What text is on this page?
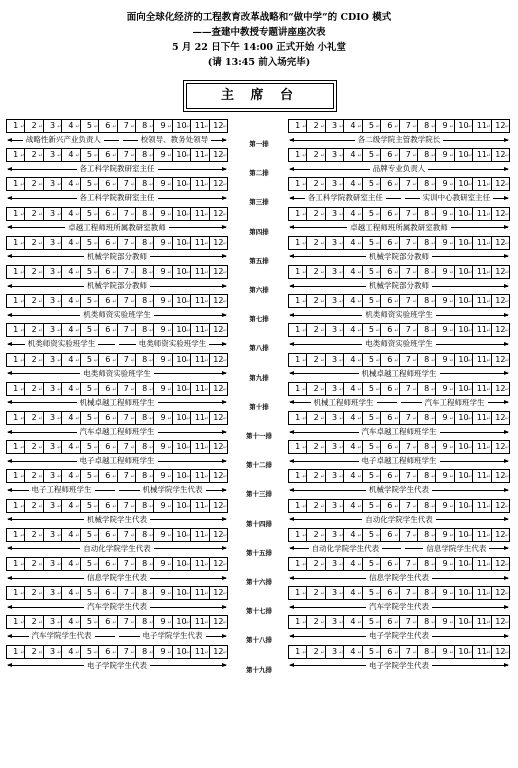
面向全球化经济的工程教育改革战略和“做中学”的 CDIO 模式
——查建中教授专题讲座座次表
5 月 22 日下午 14:00 正式开始 小礼堂
(请 13:45 前入场完毕)
主 席 台
1 ↵	2 ↵	3 ↵	4 ↵	5 ↵	6 ↵	7 ↵	8 ↵	9 ↵	10 ↵	11 ↵	12 ↵
战略性新兴产业负责人	校领导、教务处领导
1 ↵	2 ↵	3 ↵	4 ↵	5 ↵	6 ↵	7 ↵	8 ↵	9 ↵	10 ↵	11 ↵	12 ↵
各二级学院主管教学院长
第一排
1 ↵	2 ↵	3 ↵	4 ↵	5 ↵	6 ↵	7 ↵	8 ↵	9 ↵	10 ↵	11 ↵	12 ↵
各工科学院教研室主任
1 ↵	2 ↵	3 ↵	4 ↵	5 ↵	6 ↵	7 ↵	8 ↵	9 ↵	10 ↵	11 ↵	12 ↵
品牌专业负责人
第二排
1 ↵	2 ↵	3 ↵	4 ↵	5 ↵	6 ↵	7 ↵	8 ↵	9 ↵	10 ↵	11 ↵	12 ↵
各工科学院教研室主任
1 ↵	2 ↵	3 ↵	4 ↵	5 ↵	6 ↵	7 ↵	8 ↵	9 ↵	10 ↵	11 ↵	12 ↵
各工科学院教研室主任	实训中心教研室主任
第三排
1 ↵	2 ↵	3 ↵	4 ↵	5 ↵	6 ↵	7 ↵	8 ↵	9 ↵	10 ↵	11 ↵	12 ↵
卓越工程师班所属教研室教师
1 ↵	2 ↵	3 ↵	4 ↵	5 ↵	6 ↵	7 ↵	8 ↵	9 ↵	10 ↵	11 ↵	12 ↵
卓越工程师班所属教研室教师
第四排
1 ↵	2 ↵	3 ↵	4 ↵	5 ↵	6 ↵	7 ↵	8 ↵	9 ↵	10 ↵	11 ↵	12 ↵
机械学院部分教师
1 ↵	2 ↵	3 ↵	4 ↵	5 ↵	6 ↵	7 ↵	8 ↵	9 ↵	10 ↵	11 ↵	12 ↵
机械学院部分教师
第五排
1 ↵	2 ↵	3 ↵	4 ↵	5 ↵	6 ↵	7 ↵	8 ↵	9 ↵	10 ↵	11 ↵	12 ↵
机械学院部分教师
1 ↵	2 ↵	3 ↵	4 ↵	5 ↵	6 ↵	7 ↵	8 ↵	9 ↵	10 ↵	11 ↵	12 ↵
机械学院部分教师
第六排
1 ↵	2 ↵	3 ↵	4 ↵	5 ↵	6 ↵	7 ↵	8 ↵	9 ↵	10 ↵	11 ↵	12 ↵
机类师资实验班学生
1 ↵	2 ↵	3 ↵	4 ↵	5 ↵	6 ↵	7 ↵	8 ↵	9 ↵	10 ↵	11 ↵	12 ↵
机类师资实验班学生
第七排
1 ↵	2 ↵	3 ↵	4 ↵	5 ↵	6 ↵	7 ↵	8 ↵	9 ↵	10 ↵	11 ↵	12 ↵
机类师资实验班学生	电类师资实验班学生
1 ↵	2 ↵	3 ↵	4 ↵	5 ↵	6 ↵	7 ↵	8 ↵	9 ↵	10 ↵	11 ↵	12 ↵
电类师资实验班学生
第八排
1 ↵	2 ↵	3 ↵	4 ↵	5 ↵	6 ↵	7 ↵	8 ↵	9 ↵	10 ↵	11 ↵	12 ↵
电类师资实验班学生
1 ↵	2 ↵	3 ↵	4 ↵	5 ↵	6 ↵	7 ↵	8 ↵	9 ↵	10 ↵	11 ↵	12 ↵
机械卓越工程师班学生
第九排
1 ↵	2 ↵	3 ↵	4 ↵	5 ↵	6 ↵	7 ↵	8 ↵	9 ↵	10 ↵	11 ↵	12 ↵
机械卓越工程师班学生
1 ↵	2 ↵	3 ↵	4 ↵	5 ↵	6 ↵	7 ↵	8 ↵	9 ↵	10 ↵	11 ↵	12 ↵
机械工程师班学生	汽车工程师班学生
第十排
1 ↵	2 ↵	3 ↵	4 ↵	5 ↵	6 ↵	7 ↵	8 ↵	9 ↵	10 ↵	11 ↵	12 ↵
汽车卓越工程师班学生
1 ↵	2 ↵	3 ↵	4 ↵	5 ↵	6 ↵	7 ↵	8 ↵	9 ↵	10 ↵	11 ↵	12 ↵
汽车卓越工程师班学生
第十一排
1 ↵	2 ↵	3 ↵	4 ↵	5 ↵	6 ↵	7 ↵	8 ↵	9 ↵	10 ↵	11 ↵	12 ↵
电子卓越工程师班学生
1 ↵	2 ↵	3 ↵	4 ↵	5 ↵	6 ↵	7 ↵	8 ↵	9 ↵	10 ↵	11 ↵	12 ↵
电子卓越工程师班学生
第十二排
1 ↵	2 ↵	3 ↵	4 ↵	5 ↵	6 ↵	7 ↵	8 ↵	9 ↵	10 ↵	11 ↵	12 ↵
电子工程师班学生	机械学院学生代表
1 ↵	2 ↵	3 ↵	4 ↵	5 ↵	6 ↵	7 ↵	8 ↵	9 ↵	10 ↵	11 ↵	12 ↵
机械学院学生代表
第十三排
1 ↵	2 ↵	3 ↵	4 ↵	5 ↵	6 ↵	7 ↵	8 ↵	9 ↵	10 ↵	11 ↵	12 ↵
机械学院学生代表
1 ↵	2 ↵	3 ↵	4 ↵	5 ↵	6 ↵	7 ↵	8 ↵	9 ↵	10 ↵	11 ↵	12 ↵
自动化学院学生代表
第十四排
1 ↵	2 ↵	3 ↵	4 ↵	5 ↵	6 ↵	7 ↵	8 ↵	9 ↵	10 ↵	11 ↵	12 ↵
自动化学院学生代表
1 ↵	2 ↵	3 ↵	4 ↵	5 ↵	6 ↵	7 ↵	8 ↵	9 ↵	10 ↵	11 ↵	12 ↵
自动化学院学生代表	信息学院学生代表
第十五排
1 ↵	2 ↵	3 ↵	4 ↵	5 ↵	6 ↵	7 ↵	8 ↵	9 ↵	10 ↵	11 ↵	12 ↵
信息学院学生代表
1 ↵	2 ↵	3 ↵	4 ↵	5 ↵	6 ↵	7 ↵	8 ↵	9 ↵	10 ↵	11 ↵	12 ↵
信息学院学生代表
第十六排
1 ↵	2 ↵	3 ↵	4 ↵	5 ↵	6 ↵	7 ↵	8 ↵	9 ↵	10 ↵	11 ↵	12 ↵
汽车学院学生代表
1 ↵	2 ↵	3 ↵	4 ↵	5 ↵	6 ↵	7 ↵	8 ↵	9 ↵	10 ↵	11 ↵	12 ↵
汽车学院学生代表
第十七排
1 ↵	2 ↵	3 ↵	4 ↵	5 ↵	6 ↵	7 ↵	8 ↵	9 ↵	10 ↵	11 ↵	12 ↵
汽车学院学生代表	电子学院学生代表
1 ↵	2 ↵	3 ↵	4 ↵	5 ↵	6 ↵	7 ↵	8 ↵	9 ↵	10 ↵	11 ↵	12 ↵
电子学院学生代表
第十八排
1 ↵	2 ↵	3 ↵	4 ↵	5 ↵	6 ↵	7 ↵	8 ↵	9 ↵	10 ↵	11 ↵	12 ↵
电子学院学生代表
1 ↵	2 ↵	3 ↵	4 ↵	5 ↵	6 ↵	7 ↵	8 ↵	9 ↵	10 ↵	11 ↵	12 ↵
电子学院学生代表
第十九排
